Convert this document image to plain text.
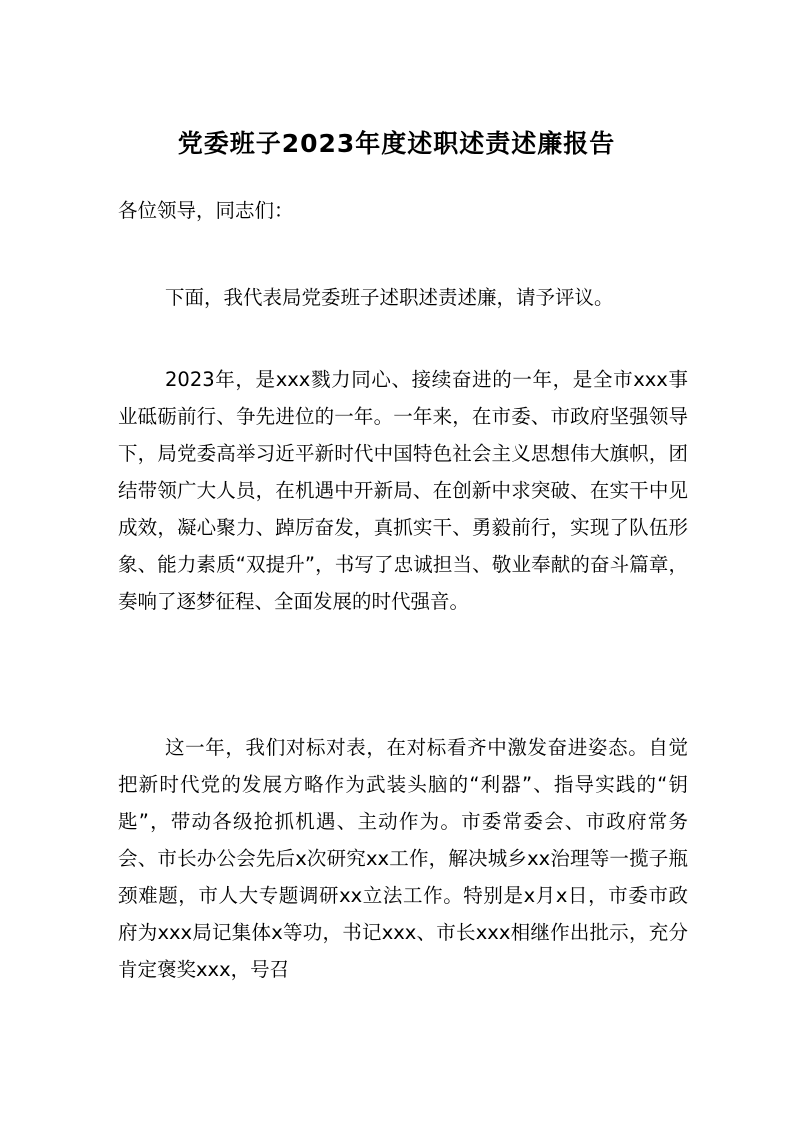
党委班子2023年度述职述责述廉报告

各位领导，同志们：

下面，我代表局党委班子述职述责述廉，请予评议。

2023年，是xxx戮力同心、接续奋进的一年，是全市xxx事业砥砺前行、争先进位的一年。一年来，在市委、市政府坚强领导下，局党委高举习近平新时代中国特色社会主义思想伟大旗帜，团结带领广大人员，在机遇中开新局、在创新中求突破、在实干中见成效，凝心聚力、踔厉奋发，真抓实干、勇毅前行，实现了队伍形象、能力素质“双提升”，书写了忠诚担当、敬业奉献的奋斗篇章，奏响了逐梦征程、全面发展的时代强音。

这一年，我们对标对表，在对标看齐中激发奋进姿态。自觉把新时代党的发展方略作为武装头脑的“利器”、指导实践的“钥匙”，带动各级抢抓机遇、主动作为。市委常委会、市政府常务会、市长办公会先后x次研究xx工作，解决城乡xx治理等一揽子瓶颈难题，市人大专题调研xx立法工作。特别是x月x日，市委市政府为xxx局记集体x等功，书记xxx、市长xxx相继作出批示，充分肯定褒奖xxx，号召
